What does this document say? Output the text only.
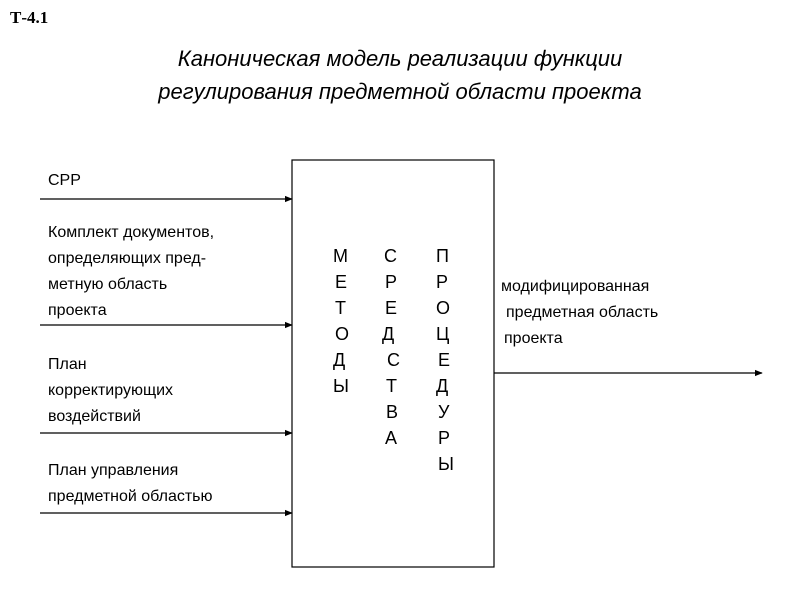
Т-4.1
Каноническая модель реализации функции
регулирования предметной области проекта
СРР
Комплект документов,
определяющих пред-
метную область
проекта
План
корректирующих
воздействий
План управления
предметной областью
модифицированная
предметная область
проекта
М
Е
Т
О
Д
Ы
С
Р
Е
Д
С
Т
В
А
П
Р
О
Ц
Е
Д
У
Р
Ы
